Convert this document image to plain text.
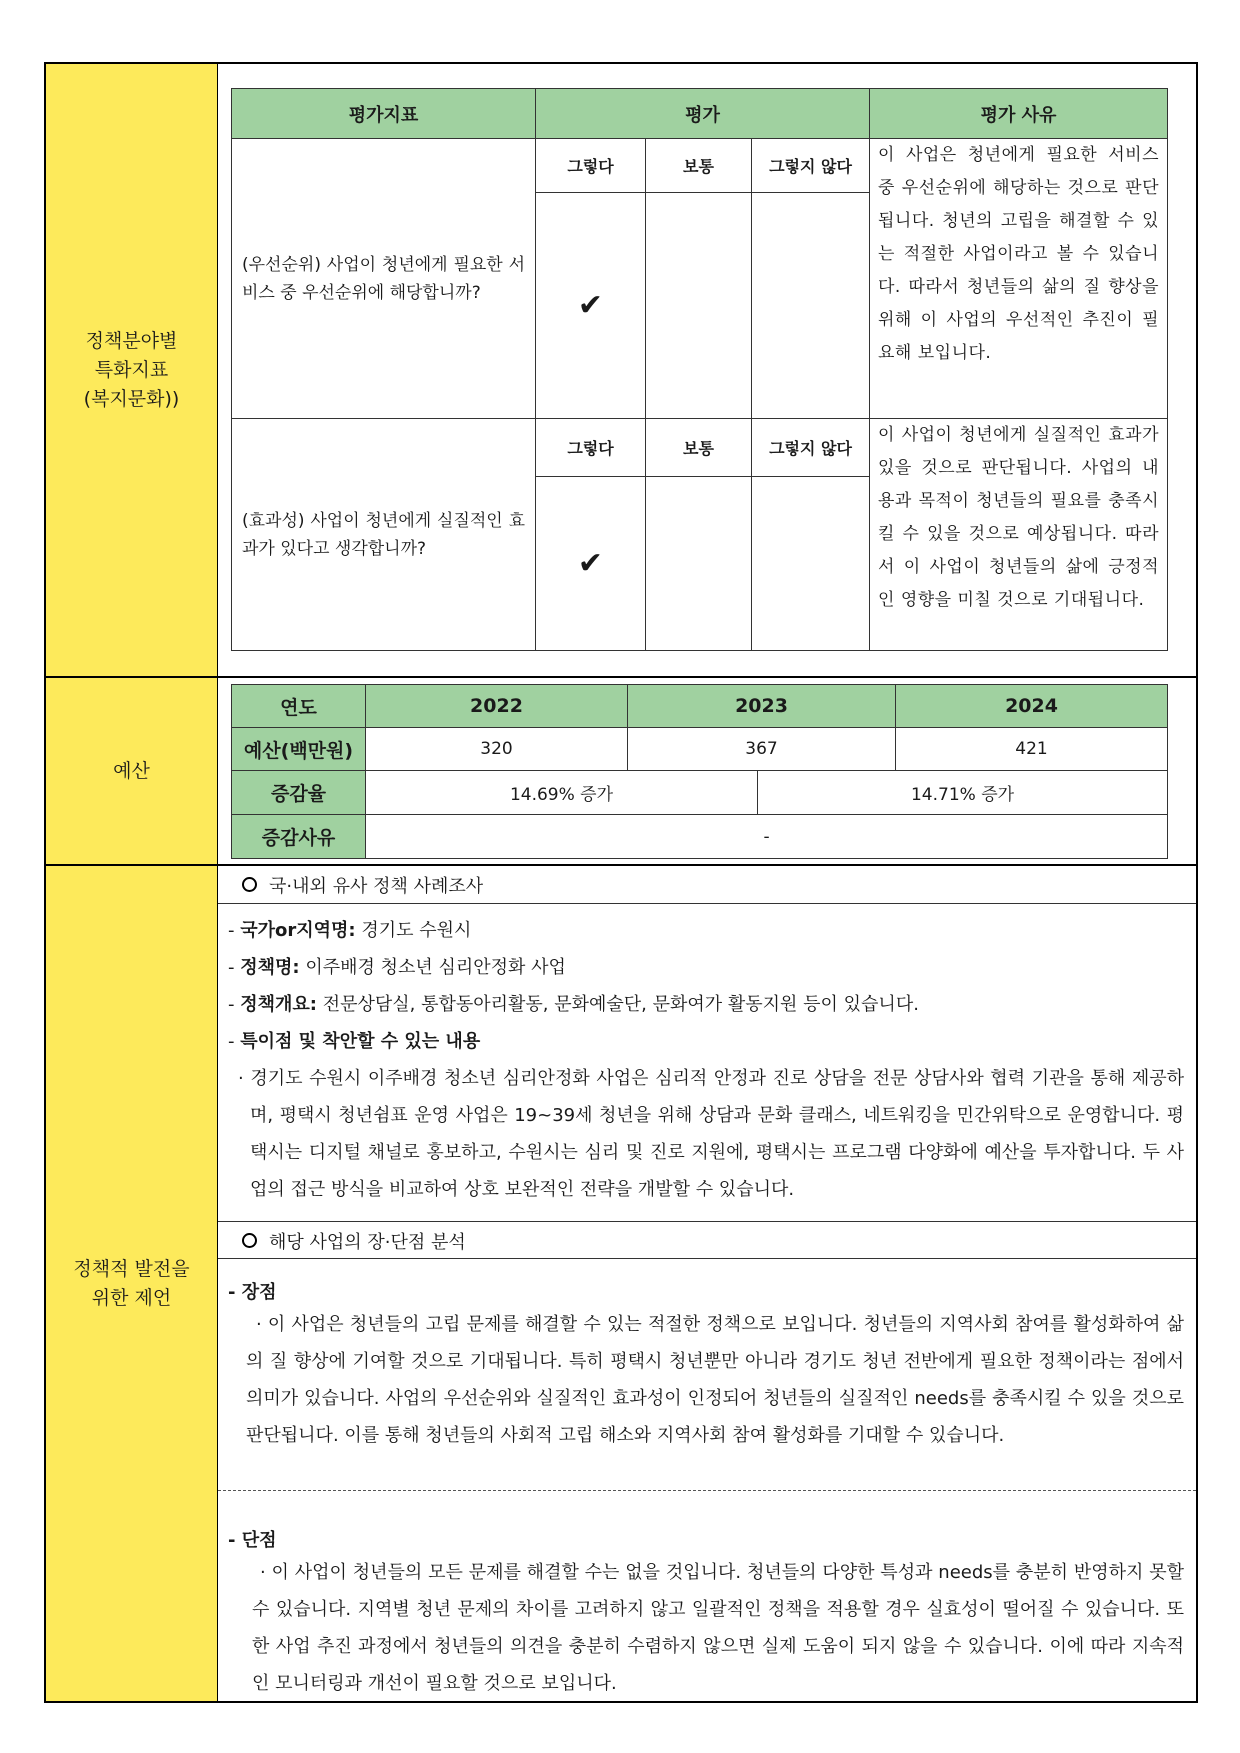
정책분야별
특화지표
(복지문화))
평가지표	평가			평가 사유
(우선순위) 사업이 청년에게 필요한 서비스 중 우선순위에 해당합니까?	그렇다	보통	그렇지 않다	이 사업은 청년에게 필요한 서비스 중 우선순위에 해당하는 것으로 판단됩니다. 청년의 고립을 해결할 수 있는 적절한 사업이라고 볼 수 있습니다. 따라서 청년들의 삶의 질 향상을 위해 이 사업의 우선적인 추진이 필요해 보입니다.
	✔			
(효과성) 사업이 청년에게 실질적인 효과가 있다고 생각합니까?	그렇다	보통	그렇지 않다	이 사업이 청년에게 실질적인 효과가 있을 것으로 판단됩니다. 사업의 내용과 목적이 청년들의 필요를 충족시킬 수 있을 것으로 예상됩니다. 따라서 이 사업이 청년들의 삶에 긍정적인 영향을 미칠 것으로 기대됩니다.
	✔			
예산
연도	2022	2023		2024
예산(백만원)	320	367		421
증감율	14.69% 증가		14.71% 증가	
증감사유	-			
정책적 발전을
위한 제언
국·내외 유사 정책 사례조사
- 국가or지역명: 경기도 수원시
- 정책명: 이주배경 청소년 심리안정화 사업
- 정책개요: 전문상담실, 통합동아리활동, 문화예술단, 문화여가 활동지원 등이 있습니다.
- 특이점 및 착안할 수 있는 내용
· 경기도 수원시 이주배경 청소년 심리안정화 사업은 심리적 안정과 진로 상담을 전문 상담사와 협력 기관을 통해 제공하며, 평택시 청년쉼표 운영 사업은 19~39세 청년을 위해 상담과 문화 클래스, 네트워킹을 민간위탁으로 운영합니다. 평택시는 디지털 채널로 홍보하고, 수원시는 심리 및 진로 지원에, 평택시는 프로그램 다양화에 예산을 투자합니다. 두 사업의 접근 방식을 비교하여 상호 보완적인 전략을 개발할 수 있습니다.
해당 사업의 장·단점 분석
- 장점
· 이 사업은 청년들의 고립 문제를 해결할 수 있는 적절한 정책으로 보입니다. 청년들의 지역사회 참여를 활성화하여 삶의 질 향상에 기여할 것으로 기대됩니다. 특히 평택시 청년뿐만 아니라 경기도 청년 전반에게 필요한 정책이라는 점에서 의미가 있습니다. 사업의 우선순위와 실질적인 효과성이 인정되어 청년들의 실질적인 needs를 충족시킬 수 있을 것으로 판단됩니다. 이를 통해 청년들의 사회적 고립 해소와 지역사회 참여 활성화를 기대할 수 있습니다.
- 단점
· 이 사업이 청년들의 모든 문제를 해결할 수는 없을 것입니다. 청년들의 다양한 특성과 needs를 충분히 반영하지 못할 수 있습니다. 지역별 청년 문제의 차이를 고려하지 않고 일괄적인 정책을 적용할 경우 실효성이 떨어질 수 있습니다. 또한 사업 추진 과정에서 청년들의 의견을 충분히 수렴하지 않으면 실제 도움이 되지 않을 수 있습니다. 이에 따라 지속적인 모니터링과 개선이 필요할 것으로 보입니다.
